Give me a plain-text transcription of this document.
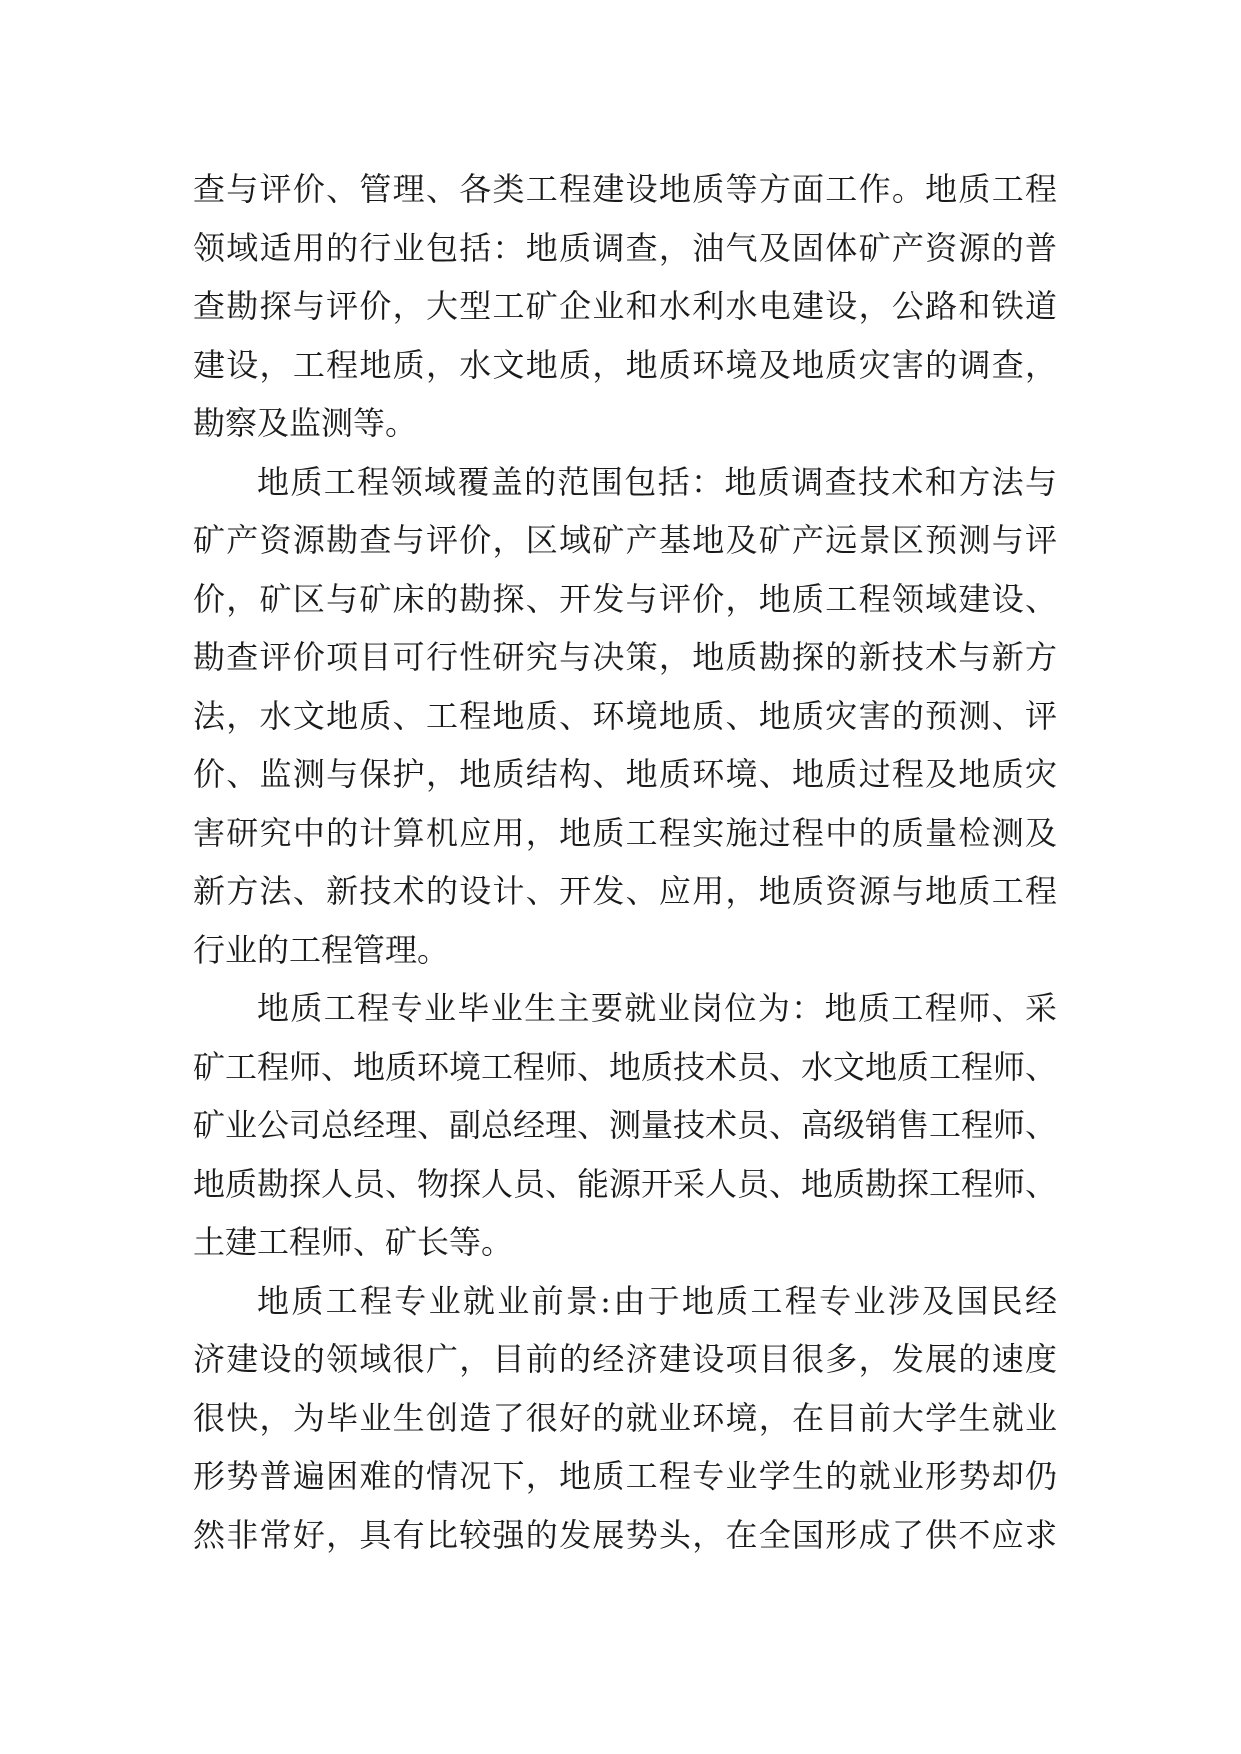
查与评价、管理、各类工程建设地质等方面工作。地质工程
领域适用的行业包括：地质调查，油气及固体矿产资源的普
查勘探与评价，大型工矿企业和水利水电建设，公路和铁道
建设，工程地质，水文地质，地质环境及地质灾害的调查，
勘察及监测等。
地质工程领域覆盖的范围包括：地质调查技术和方法与
矿产资源勘查与评价，区域矿产基地及矿产远景区预测与评
价，矿区与矿床的勘探、开发与评价，地质工程领域建设、
勘查评价项目可行性研究与决策，地质勘探的新技术与新方
法，水文地质、工程地质、环境地质、地质灾害的预测、评
价、监测与保护，地质结构、地质环境、地质过程及地质灾
害研究中的计算机应用，地质工程实施过程中的质量检测及
新方法、新技术的设计、开发、应用，地质资源与地质工程
行业的工程管理。
地质工程专业毕业生主要就业岗位为：地质工程师、采
矿工程师、地质环境工程师、地质技术员、水文地质工程师、
矿业公司总经理、副总经理、测量技术员、高级销售工程师、
地质勘探人员、物探人员、能源开采人员、地质勘探工程师、
土建工程师、矿长等。
地质工程专业就业前景:由于地质工程专业涉及国民经
济建设的领域很广，目前的经济建设项目很多，发展的速度
很快，为毕业生创造了很好的就业环境，在目前大学生就业
形势普遍困难的情况下，地质工程专业学生的就业形势却仍
然非常好，具有比较强的发展势头，在全国形成了供不应求
